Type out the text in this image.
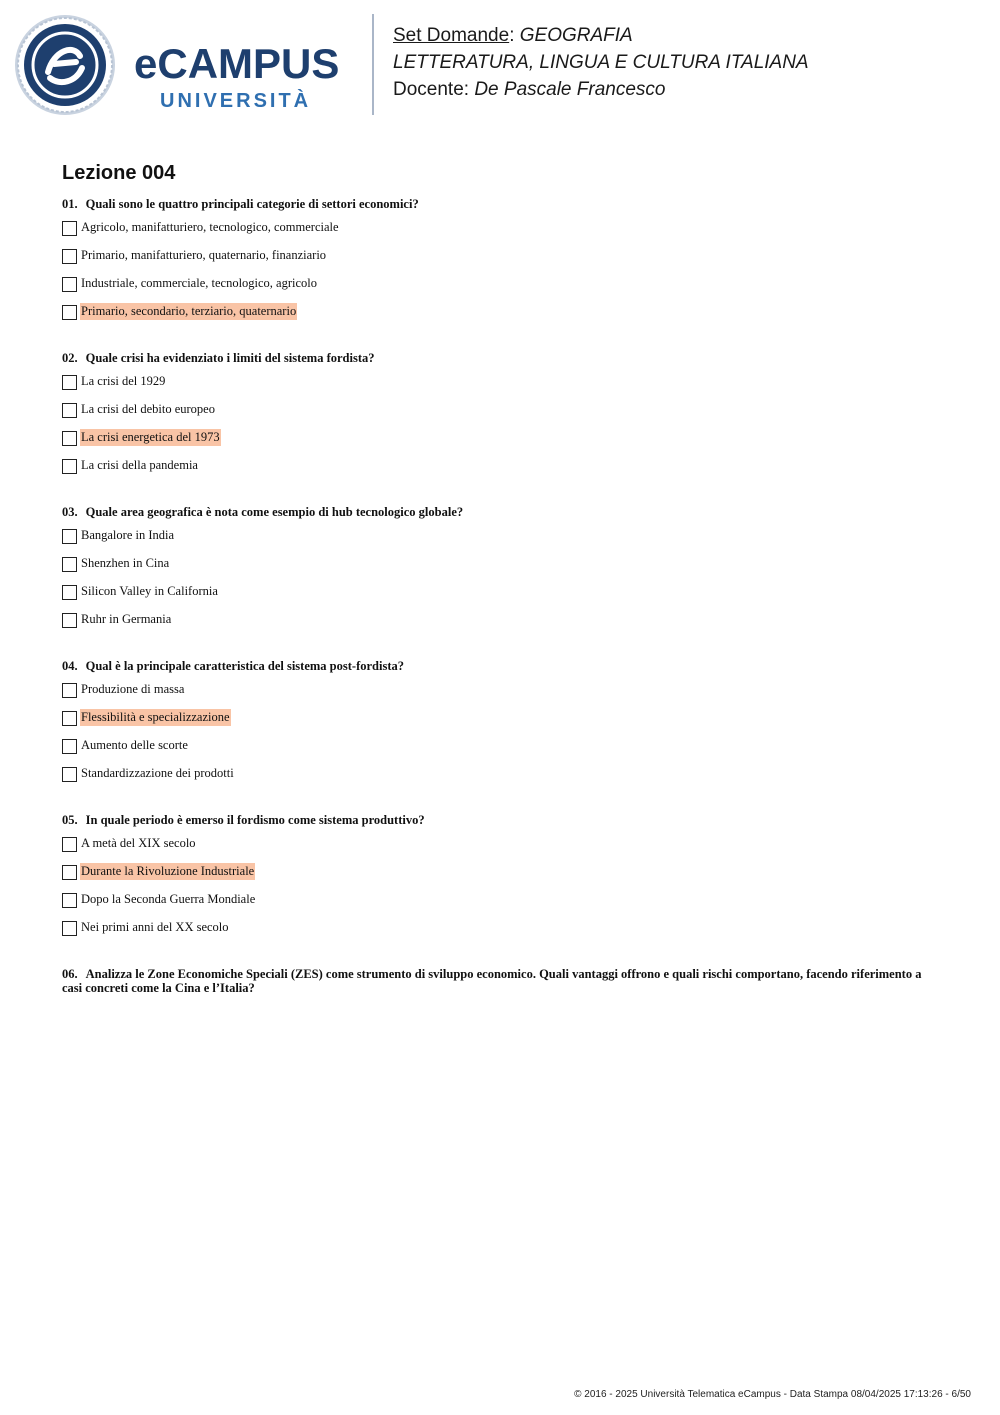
eCAMPUS
UNIVERSITÀ
Set Domande: GEOGRAFIA
LETTERATURA, LINGUA E CULTURA ITALIANA
Docente: De Pascale Francesco
Lezione 004

01. Quali sono le quattro principali categorie di settori economici?

Agricolo, manifatturiero, tecnologico, commerciale
Primario, manifatturiero, quaternario, finanziario
Industriale, commerciale, tecnologico, agricolo
Primario, secondario, terziario, quaternario

02. Quale crisi ha evidenziato i limiti del sistema fordista?

La crisi del 1929
La crisi del debito europeo
La crisi energetica del 1973
La crisi della pandemia

03. Quale area geografica è nota come esempio di hub tecnologico globale?

Bangalore in India
Shenzhen in Cina
Silicon Valley in California
Ruhr in Germania

04. Qual è la principale caratteristica del sistema post-fordista?

Produzione di massa
Flessibilità e specializzazione
Aumento delle scorte
Standardizzazione dei prodotti

05. In quale periodo è emerso il fordismo come sistema produttivo?

A metà del XIX secolo
Durante la Rivoluzione Industriale
Dopo la Seconda Guerra Mondiale
Nei primi anni del XX secolo

06. Analizza le Zone Economiche Speciali (ZES) come strumento di sviluppo economico. Quali vantaggi offrono e quali rischi comportano, facendo riferimento a casi concreti come la Cina e l’Italia?

© 2016 - 2025 Università Telematica eCampus - Data Stampa 08/04/2025 17:13:26 - 6/50
